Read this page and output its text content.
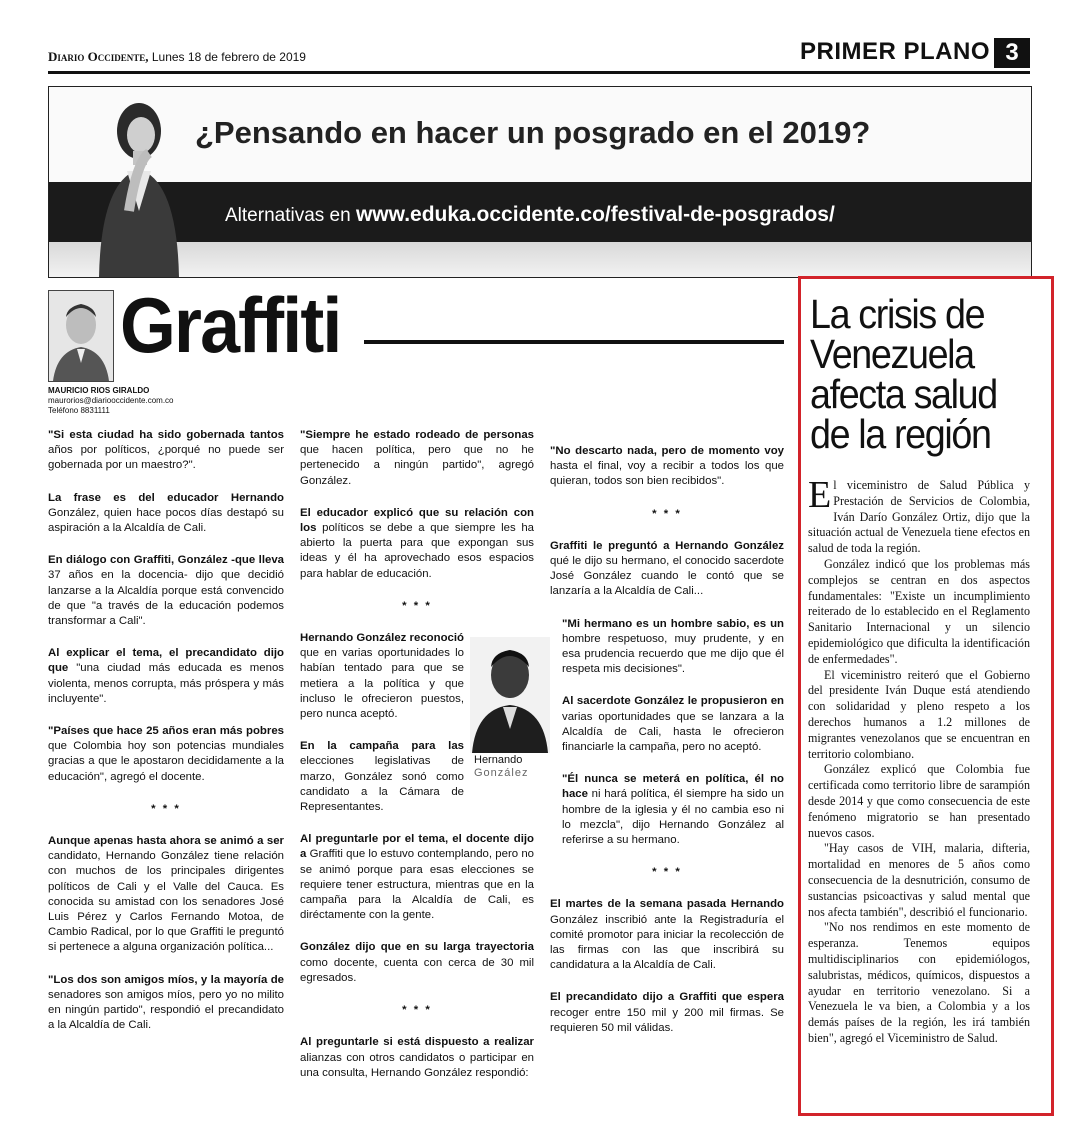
Diario Occidente, Lunes 18 de febrero de 2019	PRIMER PLANO 3
¿Pensando en hacer un posgrado en el 2019?
Alternativas en www.eduka.occidente.co/festival-de-posgrados/
Graffiti
MAURICIO RIOS GIRALDO
maurorios@diariooccidente.com.co
Teléfono 8831111

"Si esta ciudad ha sido gobernada tantos años por políticos, ¿porqué no puede ser gobernada por un maestro?".

La frase es del educador Hernando González, quien hace pocos días destapó su aspiración a la Alcaldía de Cali.

En diálogo con Graffiti, González -que lleva 37 años en la docencia- dijo que decidió lanzarse a la Alcaldía porque está convencido de que "a través de la educación podemos transformar a Cali".

Al explicar el tema, el precandidato dijo que "una ciudad más educada es menos violenta, menos corrupta, más próspera y más incluyente".

"Países que hace 25 años eran más pobres que Colombia hoy son potencias mundiales gracias a que le apostaron decididamente a la educación", agregó el docente.

* * *

Aunque apenas hasta ahora se animó a ser candidato, Hernando González tiene relación con muchos de los principales dirigentes políticos de Cali y el Valle del Cauca. Es conocida su amistad con los senadores José Luis Pérez y Carlos Fernando Motoa, de Cambio Radical, por lo que Graffiti le preguntó si pertenece a alguna organización política...

"Los dos son amigos míos, y la mayoría de senadores son amigos míos, pero yo no milito en ningún partido", respondió el precandidato a la Alcaldía de Cali.

"Siempre he estado rodeado de personas que hacen política, pero que no he pertenecido a ningún partido", agregó González.

El educador explicó que su relación con los políticos se debe a que siempre les ha abierto la puerta para que expongan sus ideas y él ha aprovechado esos espacios para hablar de educación.

* * *

Hernando González reconoció que en varias oportunidades lo habían tentado para que se metiera a la política y que incluso le ofrecieron puestos, pero nunca aceptó.

En la campaña para las elecciones legislativas de marzo, González sonó como candidato a la Cámara de Representantes.

Al preguntarle por el tema, el docente dijo a Graffiti que lo estuvo contemplando, pero no se animó porque para esas elecciones se requiere tener estructura, mientras que en la campaña para la Alcaldía de Cali, es diréctamente con la gente.

González dijo que en su larga trayectoria como docente, cuenta con cerca de 30 mil egresados.

* * *

Al preguntarle si está dispuesto a realizar alianzas con otros candidatos o participar en una consulta, Hernando González respondió:

"No descarto nada, pero de momento voy hasta el final, voy a recibir a todos los que quieran, todos son bien recibidos".

* * *

Graffiti le preguntó a Hernando González qué le dijo su hermano, el conocido sacerdote José González cuando le contó que se lanzaría a la Alcaldía de Cali...

"Mi hermano es un hombre sabio, es un hombre respetuoso, muy prudente, y en esa prudencia recuerdo que me dijo que él respeta mis decisiones".

Al sacerdote González le propusieron en varias oportunidades que se lanzara a la Alcaldía de Cali, hasta le ofrecieron financiarle la campaña, pero no aceptó.

"Él nunca se meterá en política, él no hace ni hará política, él siempre ha sido un hombre de la iglesia y él no cambia eso ni lo mezcla", dijo Hernando González al referirse a su hermano.

* * *

El martes de la semana pasada Hernando González inscribió ante la Registraduría el comité promotor para iniciar la recolección de las firmas con las que inscribirá su candidatura a la Alcaldía de Cali.

El precandidato dijo a Graffiti que espera recoger entre 150 mil y 200 mil firmas. Se requieren 50 mil válidas.

Hernando
González
La crisis de
Venezuela
afecta salud
de la región

El viceministro de Salud Pública y Prestación de Servicios de Colombia, Iván Darío González Ortiz, dijo que la situación actual de Venezuela tiene efectos en salud de toda la región.

González indicó que los problemas más complejos se centran en dos aspectos fundamentales: "Existe un incumplimiento reiterado de lo establecido en el Reglamento Sanitario Internacional y un silencio epidemiológico que dificulta la identificación de enfermedades".

El viceministro reiteró que el Gobierno del presidente Iván Duque está atendiendo con solidaridad y pleno respeto a los derechos humanos a 1.2 millones de migrantes venezolanos que se encuentran en territorio colombiano.

González explicó que Colombia fue certificada como territorio libre de sarampión desde 2014 y que como consecuencia de este fenómeno migratorio se han presentado nuevos casos.

"Hay casos de VIH, malaria, difteria, mortalidad en menores de 5 años como consecuencia de la desnutrición, consumo de sustancias psicoactivas y salud mental que nos afecta también", describió el funcionario.

"No nos rendimos en este momento de esperanza. Tenemos equipos multidisciplinarios con epidemiólogos, salubristas, médicos, químicos, dispuestos a ayudar en territorio venezolano. Si a Venezuela le va bien, a Colombia y a los demás países de la región, les irá también bien", agregó el Viceministro de Salud.
